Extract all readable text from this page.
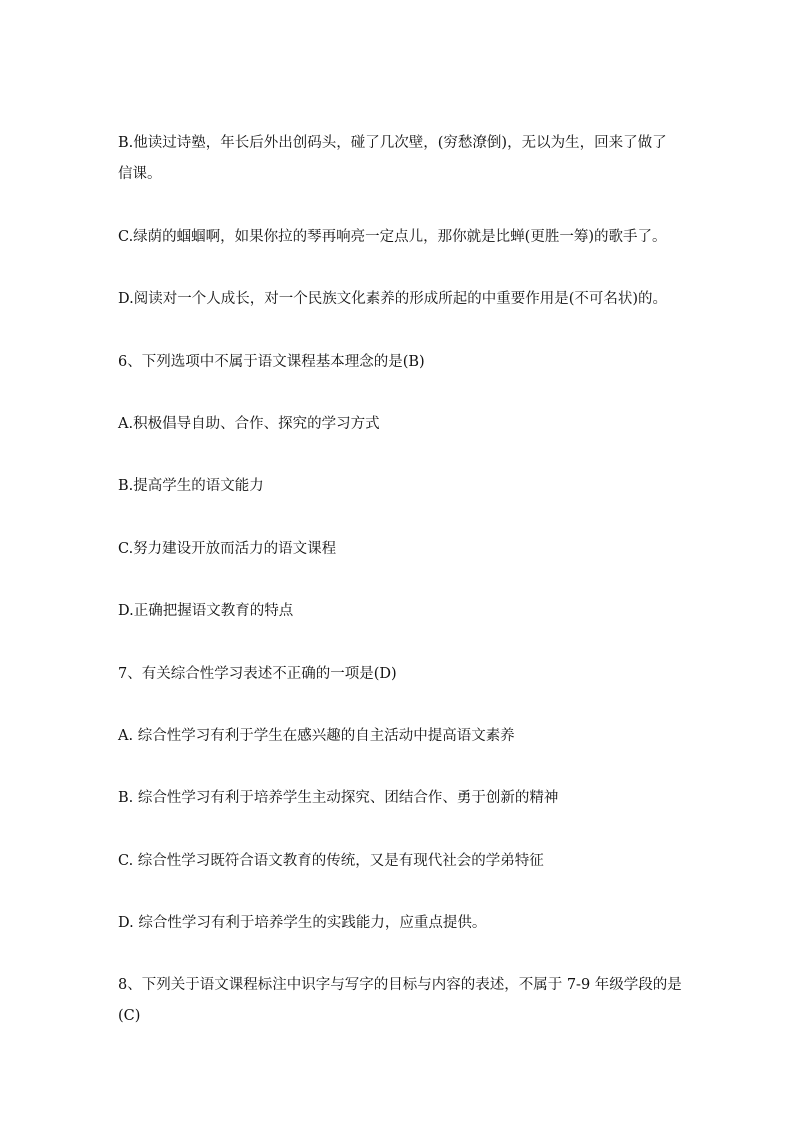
B.他读过诗塾，年长后外出创码头，碰了几次壁，(穷愁潦倒)，无以为生，回来了做了信课。

C.绿荫的蝈蝈啊，如果你拉的琴再响亮一定点儿，那你就是比蝉(更胜一筹)的歌手了。

D.阅读对一个人成长，对一个民族文化素养的形成所起的中重要作用是(不可名状)的。

6、下列选项中不属于语文课程基本理念的是(B)

A.积极倡导自助、合作、探究的学习方式

B.提高学生的语文能力

C.努力建设开放而活力的语文课程

D.正确把握语文教育的特点

7、有关综合性学习表述不正确的一项是(D)

A. 综合性学习有利于学生在感兴趣的自主活动中提高语文素养

B. 综合性学习有利于培养学生主动探究、团结合作、勇于创新的精神

C. 综合性学习既符合语文教育的传统，又是有现代社会的学弟特征

D. 综合性学习有利于培养学生的实践能力，应重点提供。

8、下列关于语文课程标注中识字与写字的目标与内容的表述，不属于 7-9 年级学段的是(C)
